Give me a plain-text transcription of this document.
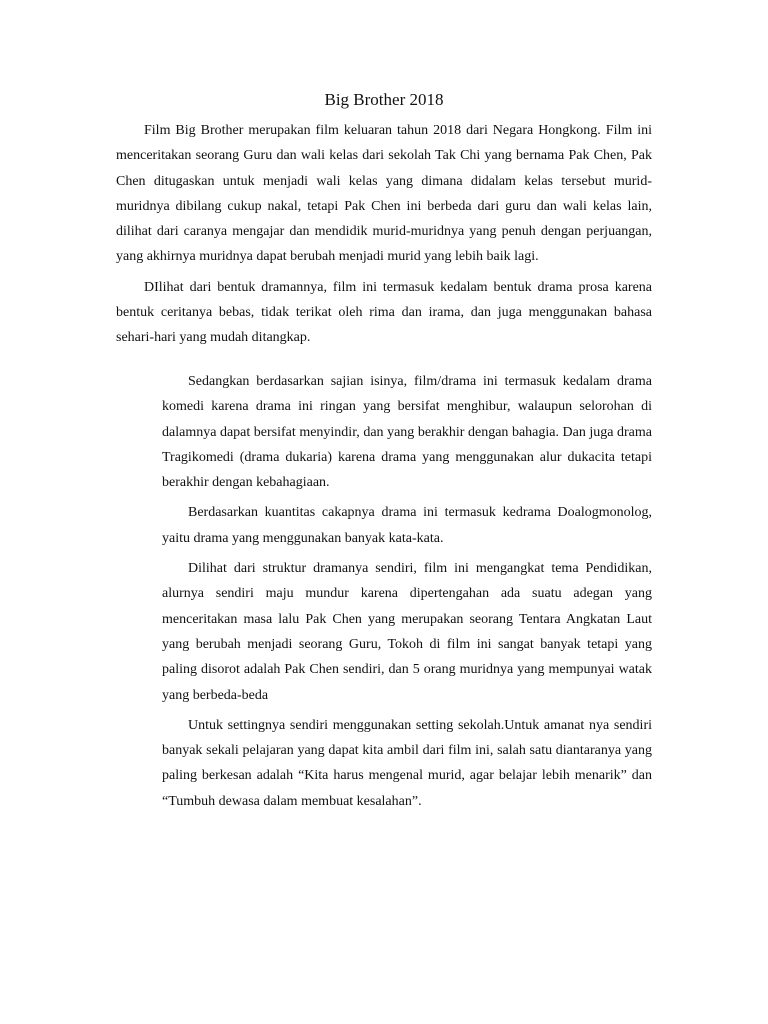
Big Brother 2018

Film Big Brother merupakan film keluaran tahun 2018 dari Negara Hongkong. Film ini menceritakan seorang Guru dan wali kelas dari sekolah Tak Chi yang bernama Pak Chen, Pak Chen ditugaskan untuk menjadi wali kelas yang dimana didalam kelas tersebut murid-muridnya dibilang cukup nakal, tetapi Pak Chen ini berbeda dari guru dan wali kelas lain, dilihat dari caranya mengajar dan mendidik murid-muridnya yang penuh dengan perjuangan, yang akhirnya muridnya dapat berubah menjadi murid yang lebih baik lagi.

DIlihat dari bentuk dramannya, film ini termasuk kedalam bentuk drama prosa karena bentuk ceritanya bebas, tidak terikat oleh rima dan irama, dan juga menggunakan bahasa sehari-hari yang mudah ditangkap.

Sedangkan berdasarkan sajian isinya, film/drama ini termasuk kedalam drama komedi karena drama ini ringan yang bersifat menghibur, walaupun selorohan di dalamnya dapat bersifat menyindir, dan yang berakhir dengan bahagia. Dan juga drama Tragikomedi (drama dukaria) karena drama yang menggunakan alur dukacita tetapi berakhir dengan kebahagiaan.

Berdasarkan kuantitas cakapnya drama ini termasuk kedrama Doalogmonolog, yaitu drama yang menggunakan banyak kata-kata.

Dilihat dari struktur dramanya sendiri, film ini mengangkat tema Pendidikan, alurnya sendiri maju mundur karena dipertengahan ada suatu adegan yang menceritakan masa lalu Pak Chen yang merupakan seorang Tentara Angkatan Laut yang berubah menjadi seorang Guru, Tokoh di film ini sangat banyak tetapi yang paling disorot adalah Pak Chen sendiri, dan 5 orang muridnya yang mempunyai watak yang berbeda-beda

Untuk settingnya sendiri menggunakan setting sekolah.Untuk amanat nya sendiri banyak sekali pelajaran yang dapat kita ambil dari film ini, salah satu diantaranya yang paling berkesan adalah “Kita harus mengenal murid, agar belajar lebih menarik” dan “Tumbuh dewasa dalam membuat kesalahan”.
